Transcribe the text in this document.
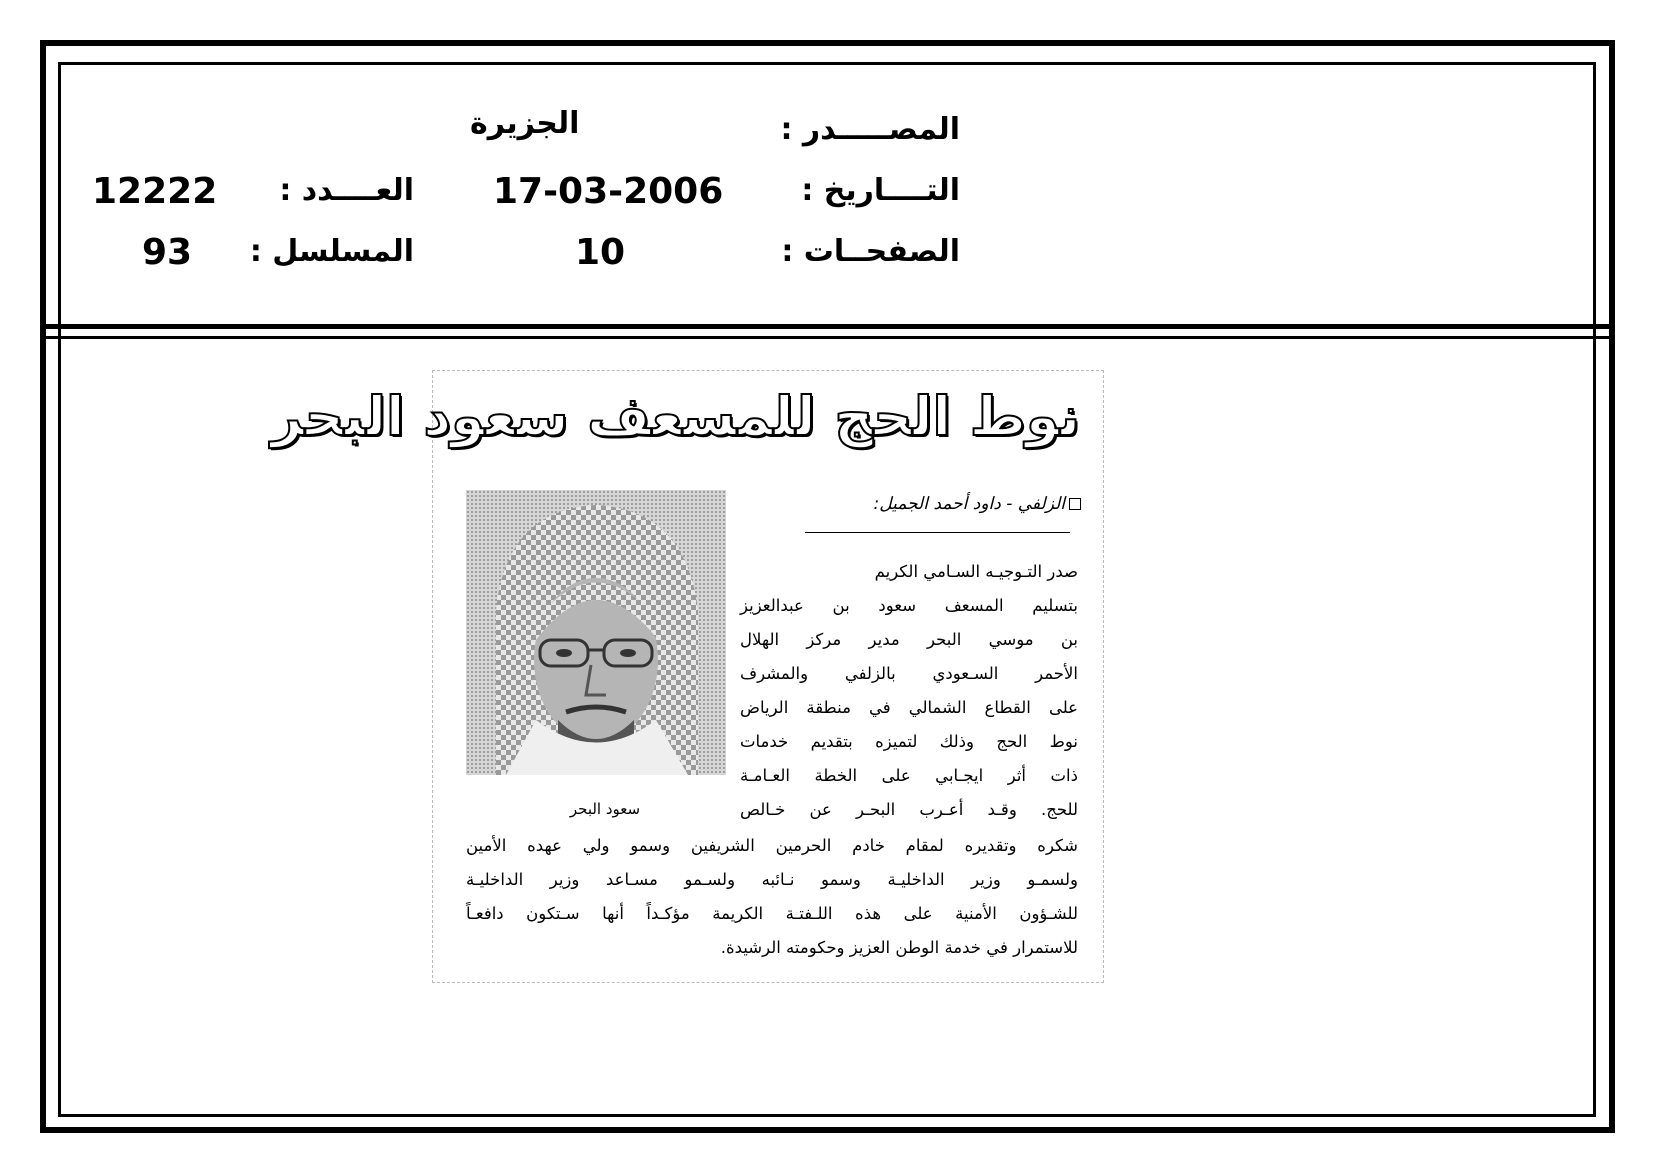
المصـــــدر :
الجزيرة
التــــاريخ :
17-03-2006
الصفحــات :
10
العــــدد :
12222
المسلسل :
93
نوط الحج للمسعف سعود البحر
الزلفي - داود أحمد الجميل:
سعود البحر

صدر التـوجيـه السـامي الكريم

بتسليم المسعف سعود بن عبدالعزيز

بن موسي البحر مدير مركز الهلال

الأحمر السـعودي بالزلفي والمشرف

على القطاع الشمالي في منطقة الرياض

نوط الحج وذلك لتميزه بتقديم خدمات

ذات أثر ايجـابي على الخطة العـامـة

للحج. وقـد أعـرب البحـر عن خـالص

شكره وتقديره لمقام خادم الحرمين الشريفين وسمو ولي عهده الأمين

ولسمـو وزير الداخليـة وسمو نـائبه ولسـمو مسـاعد وزير الداخليـة

للشـؤون الأمنية على هذه اللـفتـة الكريمة مؤكـداً أنها سـتكون دافعـاً

للاستمرار في خدمة الوطن العزيز وحكومته الرشيدة.
